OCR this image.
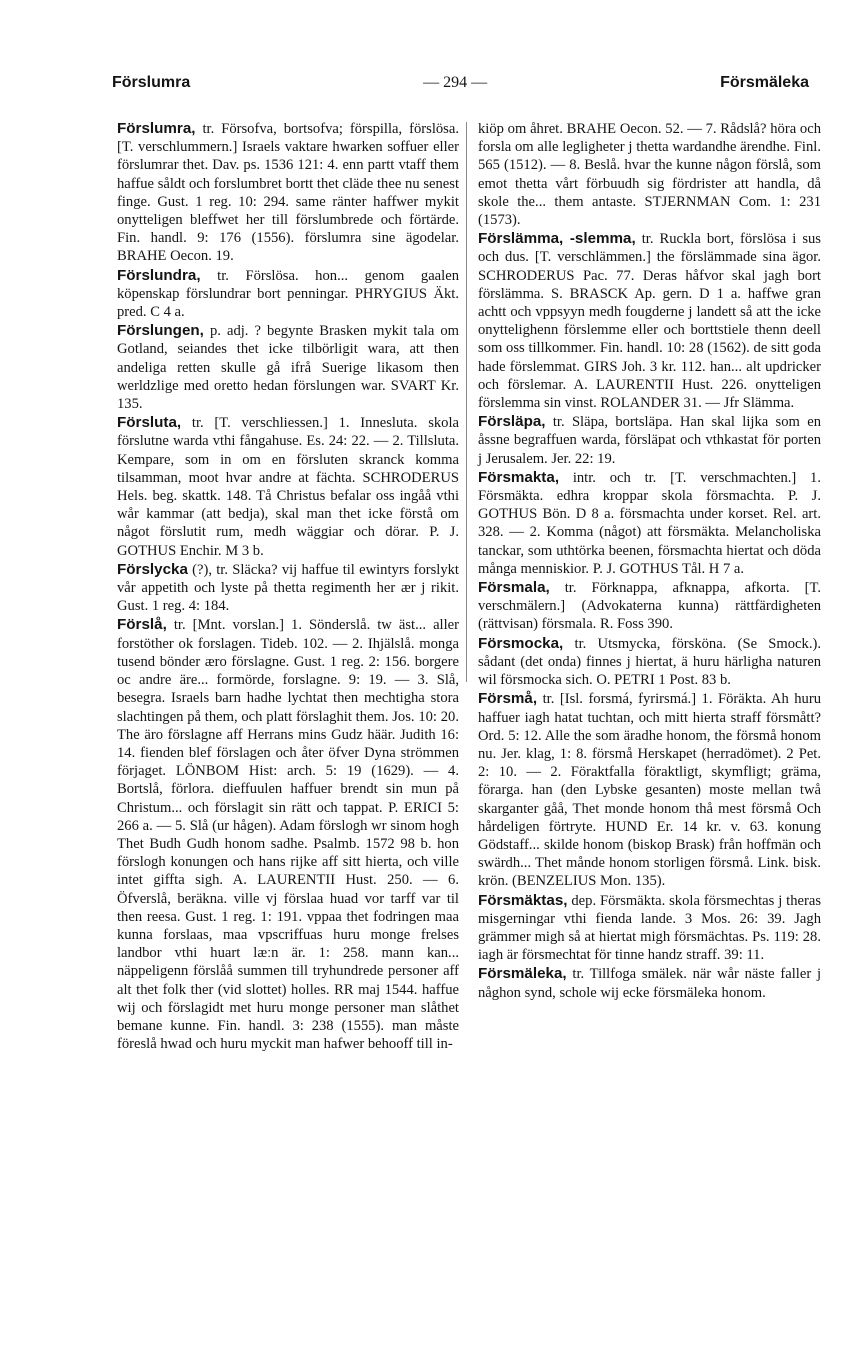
Förslumra	— 294 —	Försmäleka
Förslumra, tr. Försofva, bortsofva; förspilla, förslösa. [T. verschlummern.] Israels vaktare hwarken soffuer eller förslumrar thet. Dav. ps. 1536 121: 4. enn partt vtaff them haffue såldt och forslumbret bortt thet cläde thee nu senest finge. Gust. 1 reg. 10: 294. same ränter haffwer mykit onytteligen bleffwet her till förslumbrede och förtärde. Fin. handl. 9: 176 (1556). förslumra sine ägodelar. BRAHE Oecon. 19.
Förslundra, tr. Förslösa. hon... genom gaalen köpenskap förslundrar bort penningar. PHRYGIUS Äkt. pred. C 4 a.
Förslungen, p. adj. ? begynte Brasken mykit tala om Gotland, seiandes thet icke tilbörligit wara, att then andeliga retten skulle gå ifrå Suerige likasom then werldzlige med oretto hedan förslungen war. SVART Kr. 135.
Försluta, tr. [T. verschliessen.] 1. Innesluta. skola förslutne warda vthi fångahuse. Es. 24: 22. — 2. Tillsluta. Kempare, som in om en försluten skranck komma tilsamman, moot hvar andre at fächta. SCHRODERUS Hels. beg. skattk. 148. Tå Christus befalar oss ingåå vthi wår kammar (att bedja), skal man thet icke förstå om något förslutit rum, medh wäggiar och dörar. P. J. GOTHUS Enchir. M 3 b.
Förslycka (?), tr. Släcka? vij haffue til ewintyrs forslykt vår appetith och lyste på thetta regimenth her ær j rikit. Gust. 1 reg. 4: 184.
Förslå, tr. [Mnt. vorslan.] 1. Sönderslå. tw äst... aller forstöther ok forslagen. Tideb. 102. — 2. Ihjälslå. monga tusend bönder æro förslagne. Gust. 1 reg. 2: 156. borgere oc andre äre... formörde, forslagne. 9: 19. — 3. Slå, besegra. Israels barn hadhe lychtat then mechtigha stora slachtingen på them, och platt förslaghit them. Jos. 10: 20. The äro förslagne aff Herrans mins Gudz häär. Judith 16: 14. fienden blef förslagen och åter öfver Dyna strömmen förjaget. LÖNBOM Hist: arch. 5: 19 (1629). — 4. Bortslå, förlora. dieffuulen haffuer brendt sin mun på Christum... och förslagit sin rätt och tappat. P. ERICI 5: 266 a. — 5. Slå (ur hågen). Adam förslogh wr sinom hogh Thet Budh Gudh honom sadhe. Psalmb. 1572 98 b. hon förslogh konungen och hans rijke aff sitt hierta, och ville intet giffta sigh. A. LAURENTII Hust. 250. — 6. Öfverslå, beräkna. ville vj förslaa huad vor tarff var til then reesa. Gust. 1 reg. 1: 191. vppaa thet fodringen maa kunna forslaas, maa vpscriffuas huru monge frelses landbor vthi huart læːn är. 1: 258. mann kan... näppeligenn förslåå summen till tryhundrede personer aff alt thet folk ther (vid slottet) holles. RR maj 1544. haffue wij och förslagidt met huru monge personer man slåthet bemane kunne. Fin. handl. 3: 238 (1555). man måste föreslå hwad och huru myckit man hafwer behooff till in-
kiöp om åhret. BRAHE Oecon. 52. — 7. Rådslå? höra och forsla om alle legligheter j thetta wardandhe ärendhe. Finl. 565 (1512). — 8. Beslå. hvar the kunne någon förslå, som emot thetta vårt förbuudh sig fördrister att handla, då skole the... them antaste. STJERNMAN Com. 1: 231 (1573).
Förslämma, -slemma, tr. Ruckla bort, förslösa i sus och dus. [T. verschlämmen.] the förslämmade sina ägor. SCHRODERUS Pac. 77. Deras håfvor skal jagh bort förslämma. S. BRASCK Ap. gern. D 1 a. haffwe gran achtt och vppsyyn medh fougderne j landett så att the icke onyttelighenn förslemme eller och borttstiele thenn deell som oss tillkommer. Fin. handl. 10: 28 (1562). de sitt goda hade förslemmat. GIRS Joh. 3 kr. 112. han... alt updricker och förslemar. A. LAURENTII Hust. 226. onytteligen förslemma sin vinst. ROLANDER 31. — Jfr Slämma.
Försläpa, tr. Släpa, bortsläpa. Han skal lijka som en åssne begraffuen warda, försläpat och vthkastat för porten j Jerusalem. Jer. 22: 19.
Försmakta, intr. och tr. [T. verschmachten.] 1. Försmäkta. edhra kroppar skola försmachta. P. J. GOTHUS Bön. D 8 a. försmachta under korset. Rel. art. 328. — 2. Komma (något) att försmäkta. Melancholiska tanckar, som uthtörka beenen, försmachta hiertat och döda många menniskior. P. J. GOTHUS Tål. H 7 a.
Försmala, tr. Förknappa, afknappa, afkorta. [T. verschmälern.] (Advokaterna kunna) rättfärdigheten (rättvisan) försmala. R. Foss 390.
Försmocka, tr. Utsmycka, försköna. (Se Smock.). sådant (det onda) finnes j hiertat, ä huru härligha naturen wil försmocka sich. O. PETRI 1 Post. 83 b.
Försmå, tr. [Isl. forsmá, fyrirsmá.] 1. Föräkta. Ah huru haffuer iagh hatat tuchtan, och mitt hierta straff försmått? Ord. 5: 12. Alle the som äradhe honom, the försmå honom nu. Jer. klag, 1: 8. försmå Herskapet (herradömet). 2 Pet. 2: 10. — 2. Föraktfalla föraktligt, skymfligt; gräma, förarga. han (den Lybske gesanten) moste mellan twå skarganter gåå, Thet monde honom thå mest försmå Och hårdeligen förtryte. HUND Er. 14 kr. v. 63. konung Gödstaff... skilde honom (biskop Brask) från hoffmän och swärdh... Thet månde honom storligen försmå. Link. bisk. krön. (BENZELIUS Mon. 135).
Försmäktas, dep. Försmäkta. skola försmechtas j theras misgerningar vthi fienda lande. 3 Mos. 26: 39. Jagh grämmer migh så at hiertat migh försmächtas. Ps. 119: 28. iagh är försmechtat för tinne handz straff. 39: 11.
Försmäleka, tr. Tillfoga smälek. när wår näste faller j någhon synd, schole wij ecke försmäleka honom.
